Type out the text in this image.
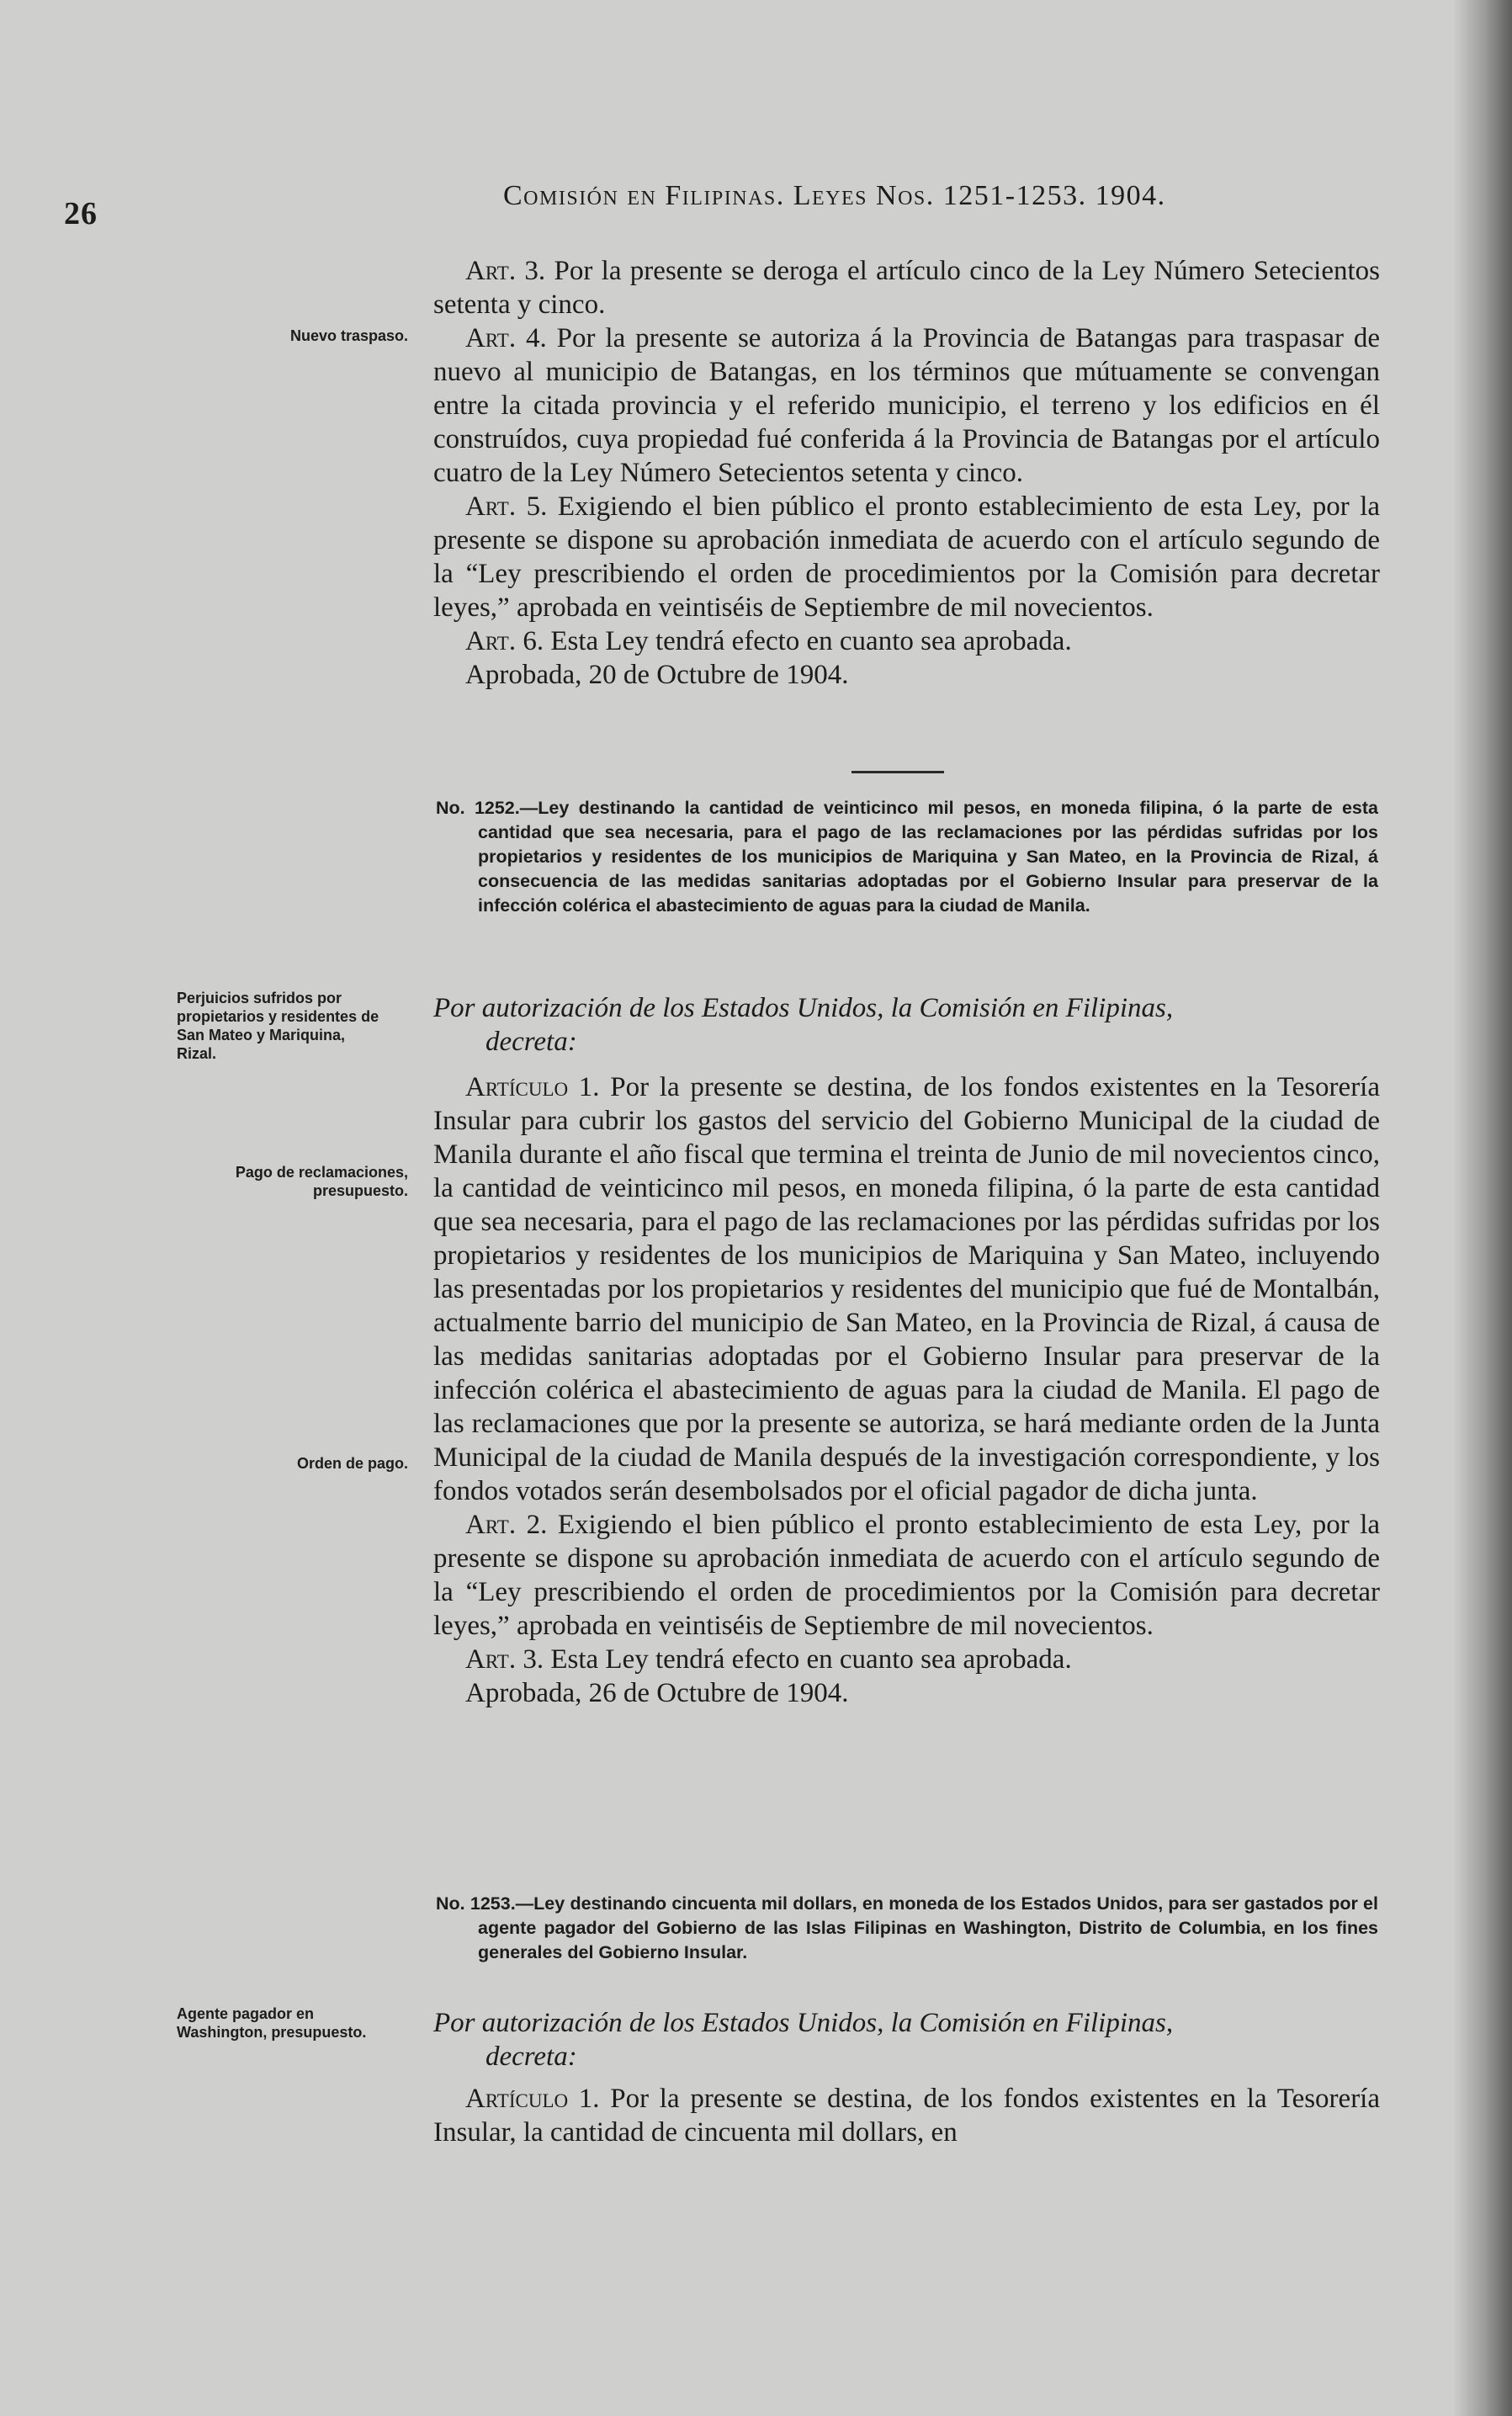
26
Comisión en Filipinas. Leyes Nos. 1251-1253. 1904.
Nuevo traspaso.
Perjuicios sufridos por propietarios y residentes de San Mateo y Mariquina, Rizal.
Pago de reclamaciones, presupuesto.
Orden de pago.
Agente pagador en Washington, presupuesto.

Art. 3. Por la presente se deroga el artículo cinco de la Ley Número Setecientos setenta y cinco.

Art. 4. Por la presente se autoriza á la Provincia de Batangas para traspasar de nuevo al municipio de Batangas, en los términos que mútuamente se convengan entre la citada provincia y el referido municipio, el terreno y los edificios en él construídos, cuya propiedad fué conferida á la Provincia de Batangas por el artículo cuatro de la Ley Número Setecientos setenta y cinco.

Art. 5. Exigiendo el bien público el pronto establecimiento de esta Ley, por la presente se dispone su aprobación inmediata de acuerdo con el artículo segundo de la “Ley prescribiendo el orden de procedimientos por la Comisión para decretar leyes,” aprobada en veintiséis de Septiembre de mil novecientos.

Art. 6. Esta Ley tendrá efecto en cuanto sea aprobada.

Aprobada, 20 de Octubre de 1904.

No. 1252.—Ley destinando la cantidad de veinticinco mil pesos, en moneda filipina, ó la parte de esta cantidad que sea necesaria, para el pago de las reclamaciones por las pérdidas sufridas por los propietarios y residentes de los municipios de Mariquina y San Mateo, en la Provincia de Rizal, á consecuencia de las medidas sanitarias adoptadas por el Gobierno Insular para preservar de la infección colérica el abastecimiento de aguas para la ciudad de Manila.
Por autorización de los Estados Unidos, la Comisión en Filipinas,
decreta:

Artículo 1. Por la presente se destina, de los fondos existentes en la Tesorería Insular para cubrir los gastos del servicio del Gobierno Municipal de la ciudad de Manila durante el año fiscal que termina el treinta de Junio de mil novecientos cinco, la cantidad de veinticinco mil pesos, en moneda filipina, ó la parte de esta cantidad que sea necesaria, para el pago de las reclamaciones por las pérdidas sufridas por los propietarios y residentes de los municipios de Mariquina y San Mateo, incluyendo las presentadas por los propietarios y residentes del municipio que fué de Montalbán, actualmente barrio del municipio de San Mateo, en la Provincia de Rizal, á causa de las medidas sanitarias adoptadas por el Gobierno Insular para preservar de la infección colérica el abastecimiento de aguas para la ciudad de Manila. El pago de las reclamaciones que por la presente se autoriza, se hará mediante orden de la Junta Municipal de la ciudad de Manila después de la investigación correspondiente, y los fondos votados serán desembolsados por el oficial pagador de dicha junta.

Art. 2. Exigiendo el bien público el pronto establecimiento de esta Ley, por la presente se dispone su aprobación inmediata de acuerdo con el artículo segundo de la “Ley prescribiendo el orden de procedimientos por la Comisión para decretar leyes,” aprobada en veintiséis de Septiembre de mil novecientos.

Art. 3. Esta Ley tendrá efecto en cuanto sea aprobada.

Aprobada, 26 de Octubre de 1904.

No. 1253.—Ley destinando cincuenta mil dollars, en moneda de los Estados Unidos, para ser gastados por el agente pagador del Gobierno de las Islas Filipinas en Washington, Distrito de Columbia, en los fines generales del Gobierno Insular.
Por autorización de los Estados Unidos, la Comisión en Filipinas,
decreta:

Artículo 1. Por la presente se destina, de los fondos existentes en la Tesorería Insular, la cantidad de cincuenta mil dollars, en
